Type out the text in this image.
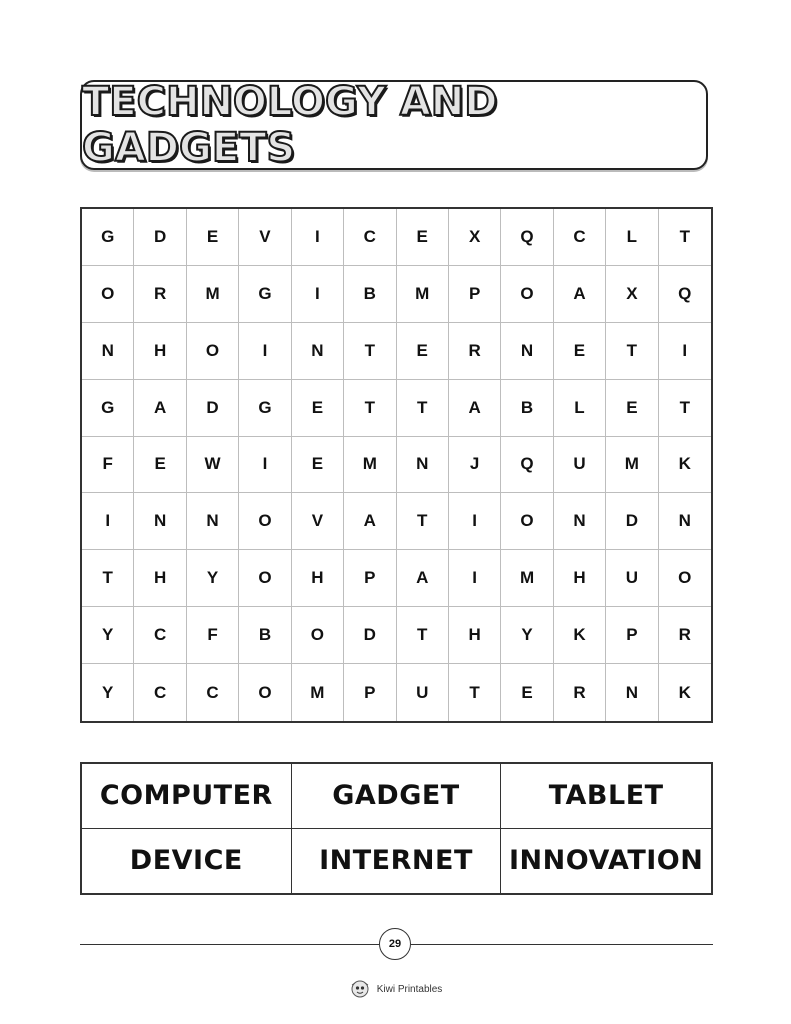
TECHNOLOGY AND GADGETS
G	D	E	V	I	C	E	X	Q	C	L	T
O	R	M	G	I	B	M	P	O	A	X	Q
N	H	O	I	N	T	E	R	N	E	T	I
G	A	D	G	E	T	T	A	B	L	E	T
F	E	W	I	E	M	N	J	Q	U	M	K
I	N	N	O	V	A	T	I	O	N	D	N
T	H	Y	O	H	P	A	I	M	H	U	O
Y	C	F	B	O	D	T	H	Y	K	P	R
Y	C	C	O	M	P	U	T	E	R	N	K
COMPUTER	GADGET	TABLET
DEVICE	INTERNET	INNOVATION
29
Kiwi Printables
